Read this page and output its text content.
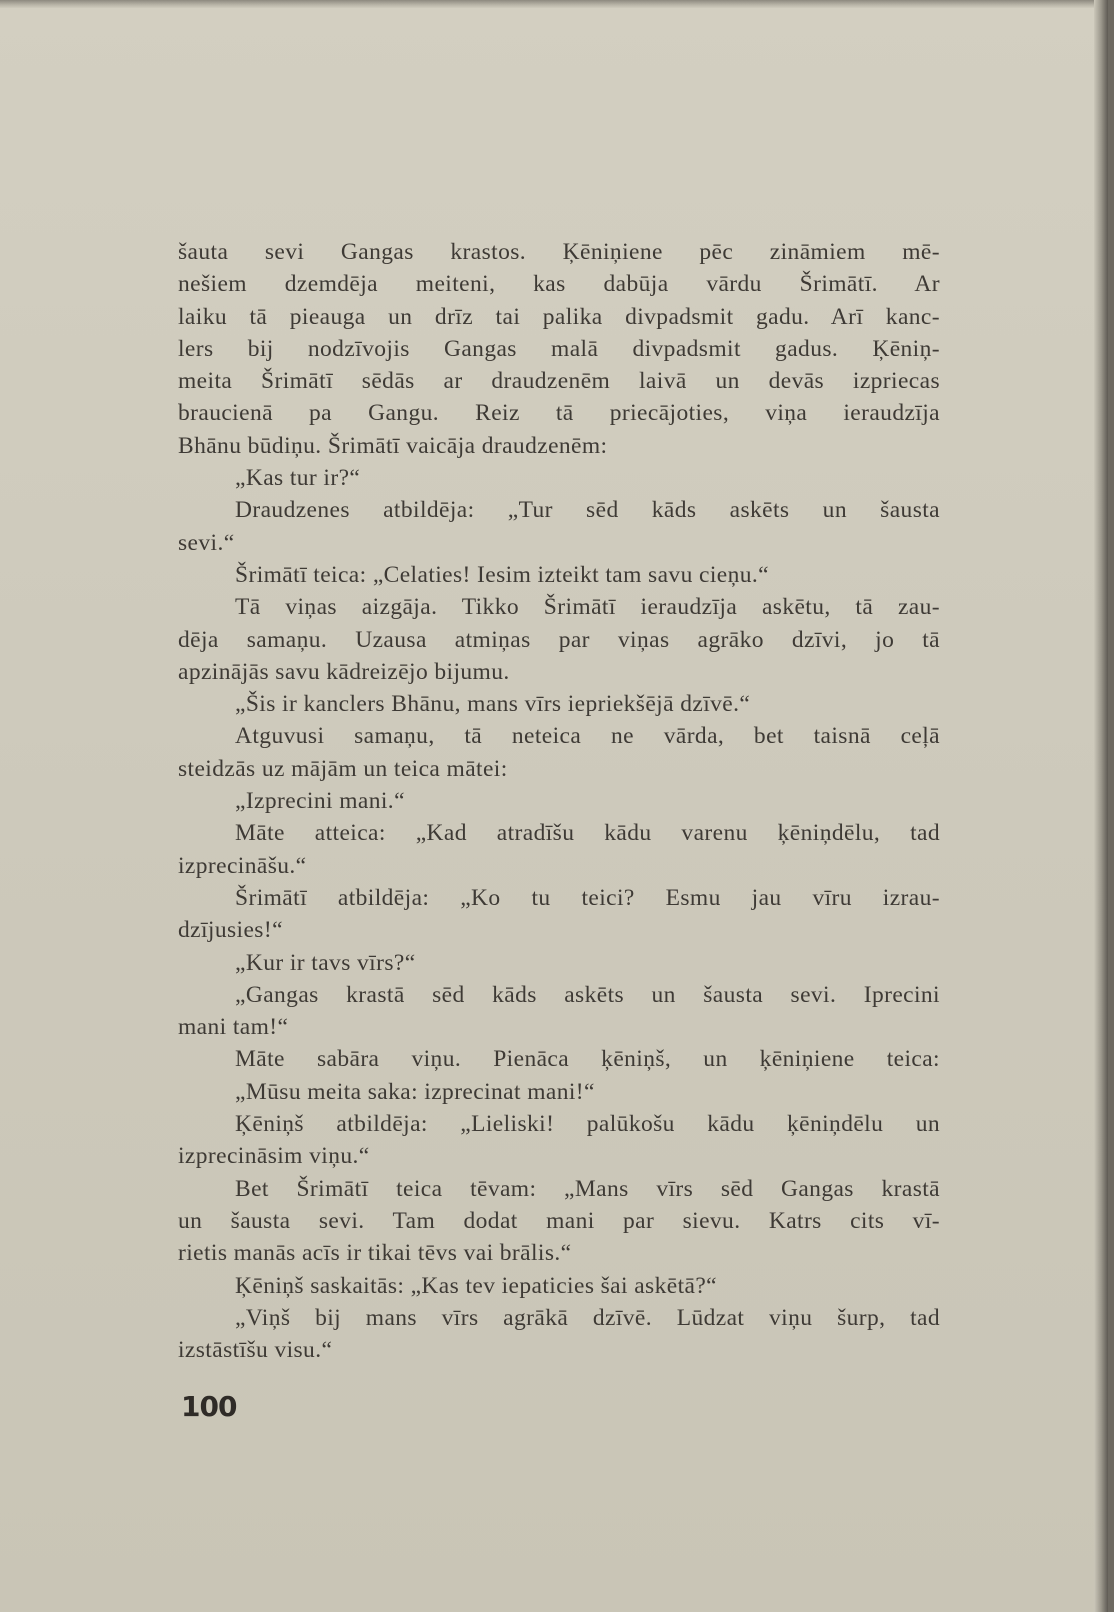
šauta sevi Gangas krastos. Ķēniņiene pēc zināmiem mē-
nešiem dzemdēja meiteni, kas dabūja vārdu Šrimātī. Ar
laiku tā pieauga un drīz tai palika divpadsmit gadu. Arī kanc-
lers bij nodzīvojis Gangas malā divpadsmit gadus. Ķēniņ-
meita Šrimātī sēdās ar draudzenēm laivā un devās izpriecas
braucienā pa Gangu. Reiz tā priecājoties, viņa ieraudzīja
Bhānu būdiņu. Šrimātī vaicāja draudzenēm:
„Kas tur ir?“
Draudzenes atbildēja: „Tur sēd kāds askēts un šausta
sevi.“
Šrimātī teica: „Celaties! Iesim izteikt tam savu cieņu.“
Tā viņas aizgāja. Tikko Šrimātī ieraudzīja askētu, tā zau-
dēja samaņu. Uzausa atmiņas par viņas agrāko dzīvi, jo tā
apzinājās savu kādreizējo bijumu.
„Šis ir kanclers Bhānu, mans vīrs iepriekšējā dzīvē.“
Atguvusi samaņu, tā neteica ne vārda, bet taisnā ceļā
steidzās uz mājām un teica mātei:
„Izprecini mani.“
Māte atteica: „Kad atradīšu kādu varenu ķēniņdēlu, tad
izprecināšu.“
Šrimātī atbildēja: „Ko tu teici? Esmu jau vīru izrau-
dzījusies!“
„Kur ir tavs vīrs?“
„Gangas krastā sēd kāds askēts un šausta sevi. Iprecini
mani tam!“
Māte sabāra viņu. Pienāca ķēniņš, un ķēniņiene teica:
„Mūsu meita saka: izprecinat mani!“
Ķēniņš atbildēja: „Lieliski! palūkošu kādu ķēniņdēlu un
izprecināsim viņu.“
Bet Šrimātī teica tēvam: „Mans vīrs sēd Gangas krastā
un šausta sevi. Tam dodat mani par sievu. Katrs cits vī-
rietis manās acīs ir tikai tēvs vai brālis.“
Ķēniņš saskaitās: „Kas tev iepaticies šai askētā?“
„Viņš bij mans vīrs agrākā dzīvē. Lūdzat viņu šurp, tad
izstāstīšu visu.“
100
